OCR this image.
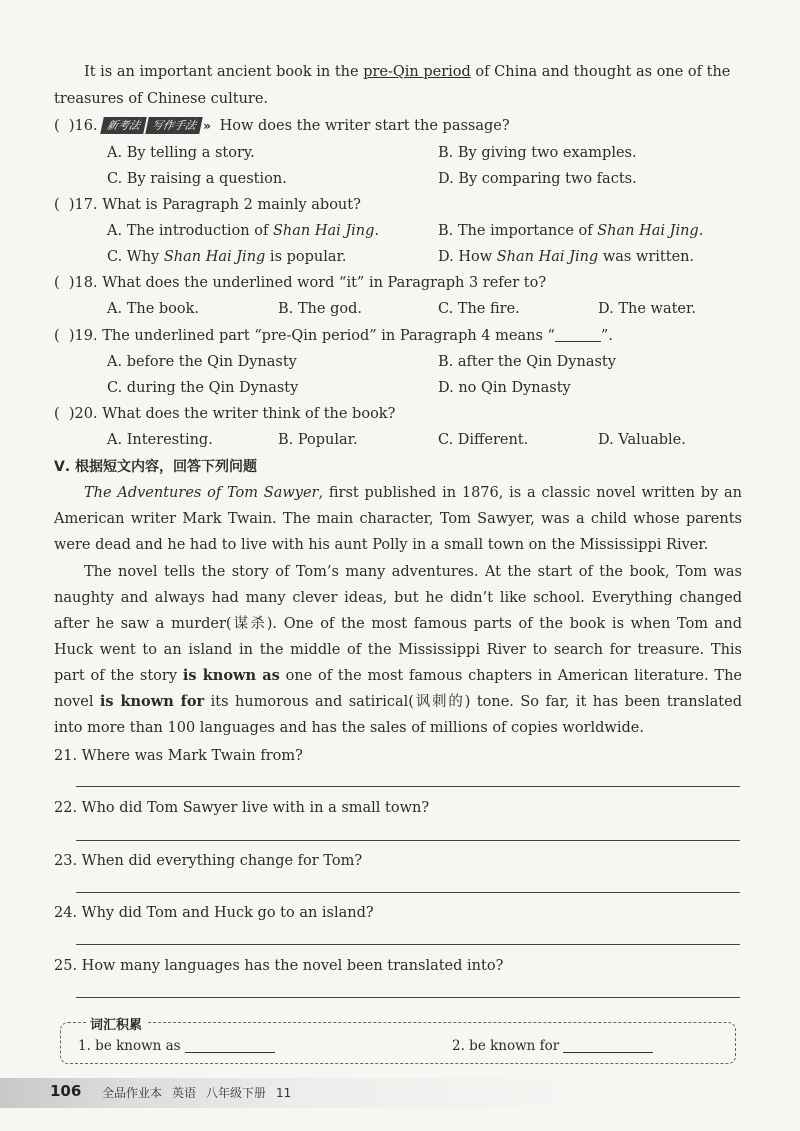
It is an important ancient book in the pre-Qin period of China and thought as one of the
treasures of Chinese culture.
(  )16. 新考法 写作手法 » How does the writer start the passage?
A. By telling a story.	B. By giving two examples.
C. By raising a question.	D. By comparing two facts.
(  )17. What is Paragraph 2 mainly about?
A. The introduction of Shan Hai Jing.	B. The importance of Shan Hai Jing.
C. Why Shan Hai Jing is popular.	D. How Shan Hai Jing was written.
(  )18. What does the underlined word “it” in Paragraph 3 refer to?
A. The book.	B. The god.	C. The fire.	D. The water.
(  )19. The underlined part “pre-Qin period” in Paragraph 4 means “	”.
A. before the Qin Dynasty	B. after the Qin Dynasty
C. during the Qin Dynasty	D. no Qin Dynasty
(  )20. What does the writer think of the book?
A. Interesting.	B. Popular.	C. Different.	D. Valuable.
Ⅴ. 根据短文内容，回答下列问题
The Adventures of Tom Sawyer, first published in 1876, is a classic novel written by an American writer Mark Twain. The main character, Tom Sawyer, was a child whose parents were dead and he had to live with his aunt Polly in a small town on the Mississippi River.
The novel tells the story of Tom’s many adventures. At the start of the book, Tom was naughty and always had many clever ideas, but he didn’t like school. Everything changed after he saw a murder(谋杀). One of the most famous parts of the book is when Tom and Huck went to an island in the middle of the Mississippi River to search for treasure. This part of the story is known as one of the most famous chapters in American literature. The novel is known for its humorous and satirical(讽刺的) tone. So far, it has been translated into more than 100 languages and has the sales of millions of copies worldwide.
21. Where was Mark Twain from?
22. Who did Tom Sawyer live with in a small town?
23. When did everything change for Tom?
24. Why did Tom and Huck go to an island?
25. How many languages has the novel been translated into?
词汇积累
1. be known as	2. be known for
106 全品作业本 英语 八年级下册 11
